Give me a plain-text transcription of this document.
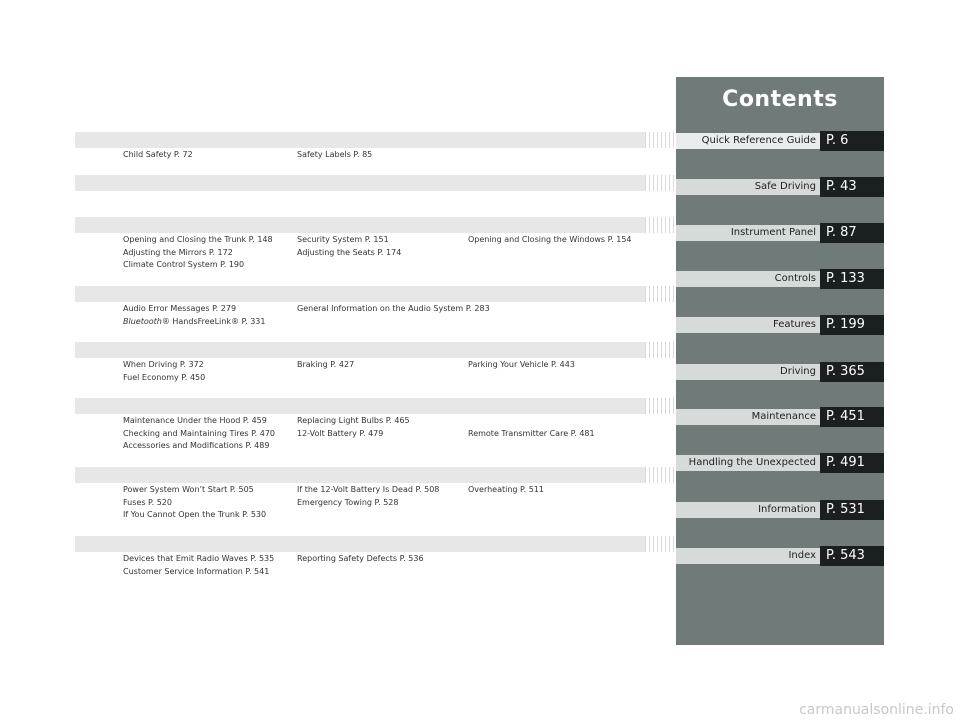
Child Safety P. 72	Safety Labels P. 85
Opening and Closing the Trunk P. 148	Security System P. 151	Opening and Closing the Windows P. 154
Adjusting the Mirrors P. 172	Adjusting the Seats P. 174
Climate Control System P. 190
Audio Error Messages P. 279	General Information on the Audio System P. 283
Bluetooth® HandsFreeLink® P. 331
When Driving P. 372	Braking P. 427	Parking Your Vehicle P. 443
Fuel Economy P. 450
Maintenance Under the Hood P. 459	Replacing Light Bulbs P. 465
Checking and Maintaining Tires P. 470	12-Volt Battery P. 479	Remote Transmitter Care P. 481
Accessories and Modifications P. 489
Power System Won’t Start P. 505	If the 12-Volt Battery Is Dead P. 508	Overheating P. 511
Fuses P. 520	Emergency Towing P. 528
If You Cannot Open the Trunk P. 530
Devices that Emit Radio Waves P. 535	Reporting Safety Defects P. 536
Customer Service Information P. 541
Contents
Quick Reference Guide P. 6
Safe Driving P. 43
Instrument Panel P. 87
Controls P. 133
Features P. 199
Driving P. 365
Maintenance P. 451
Handling the Unexpected P. 491
Information P. 531
Index P. 543
carmanualsonline.info
